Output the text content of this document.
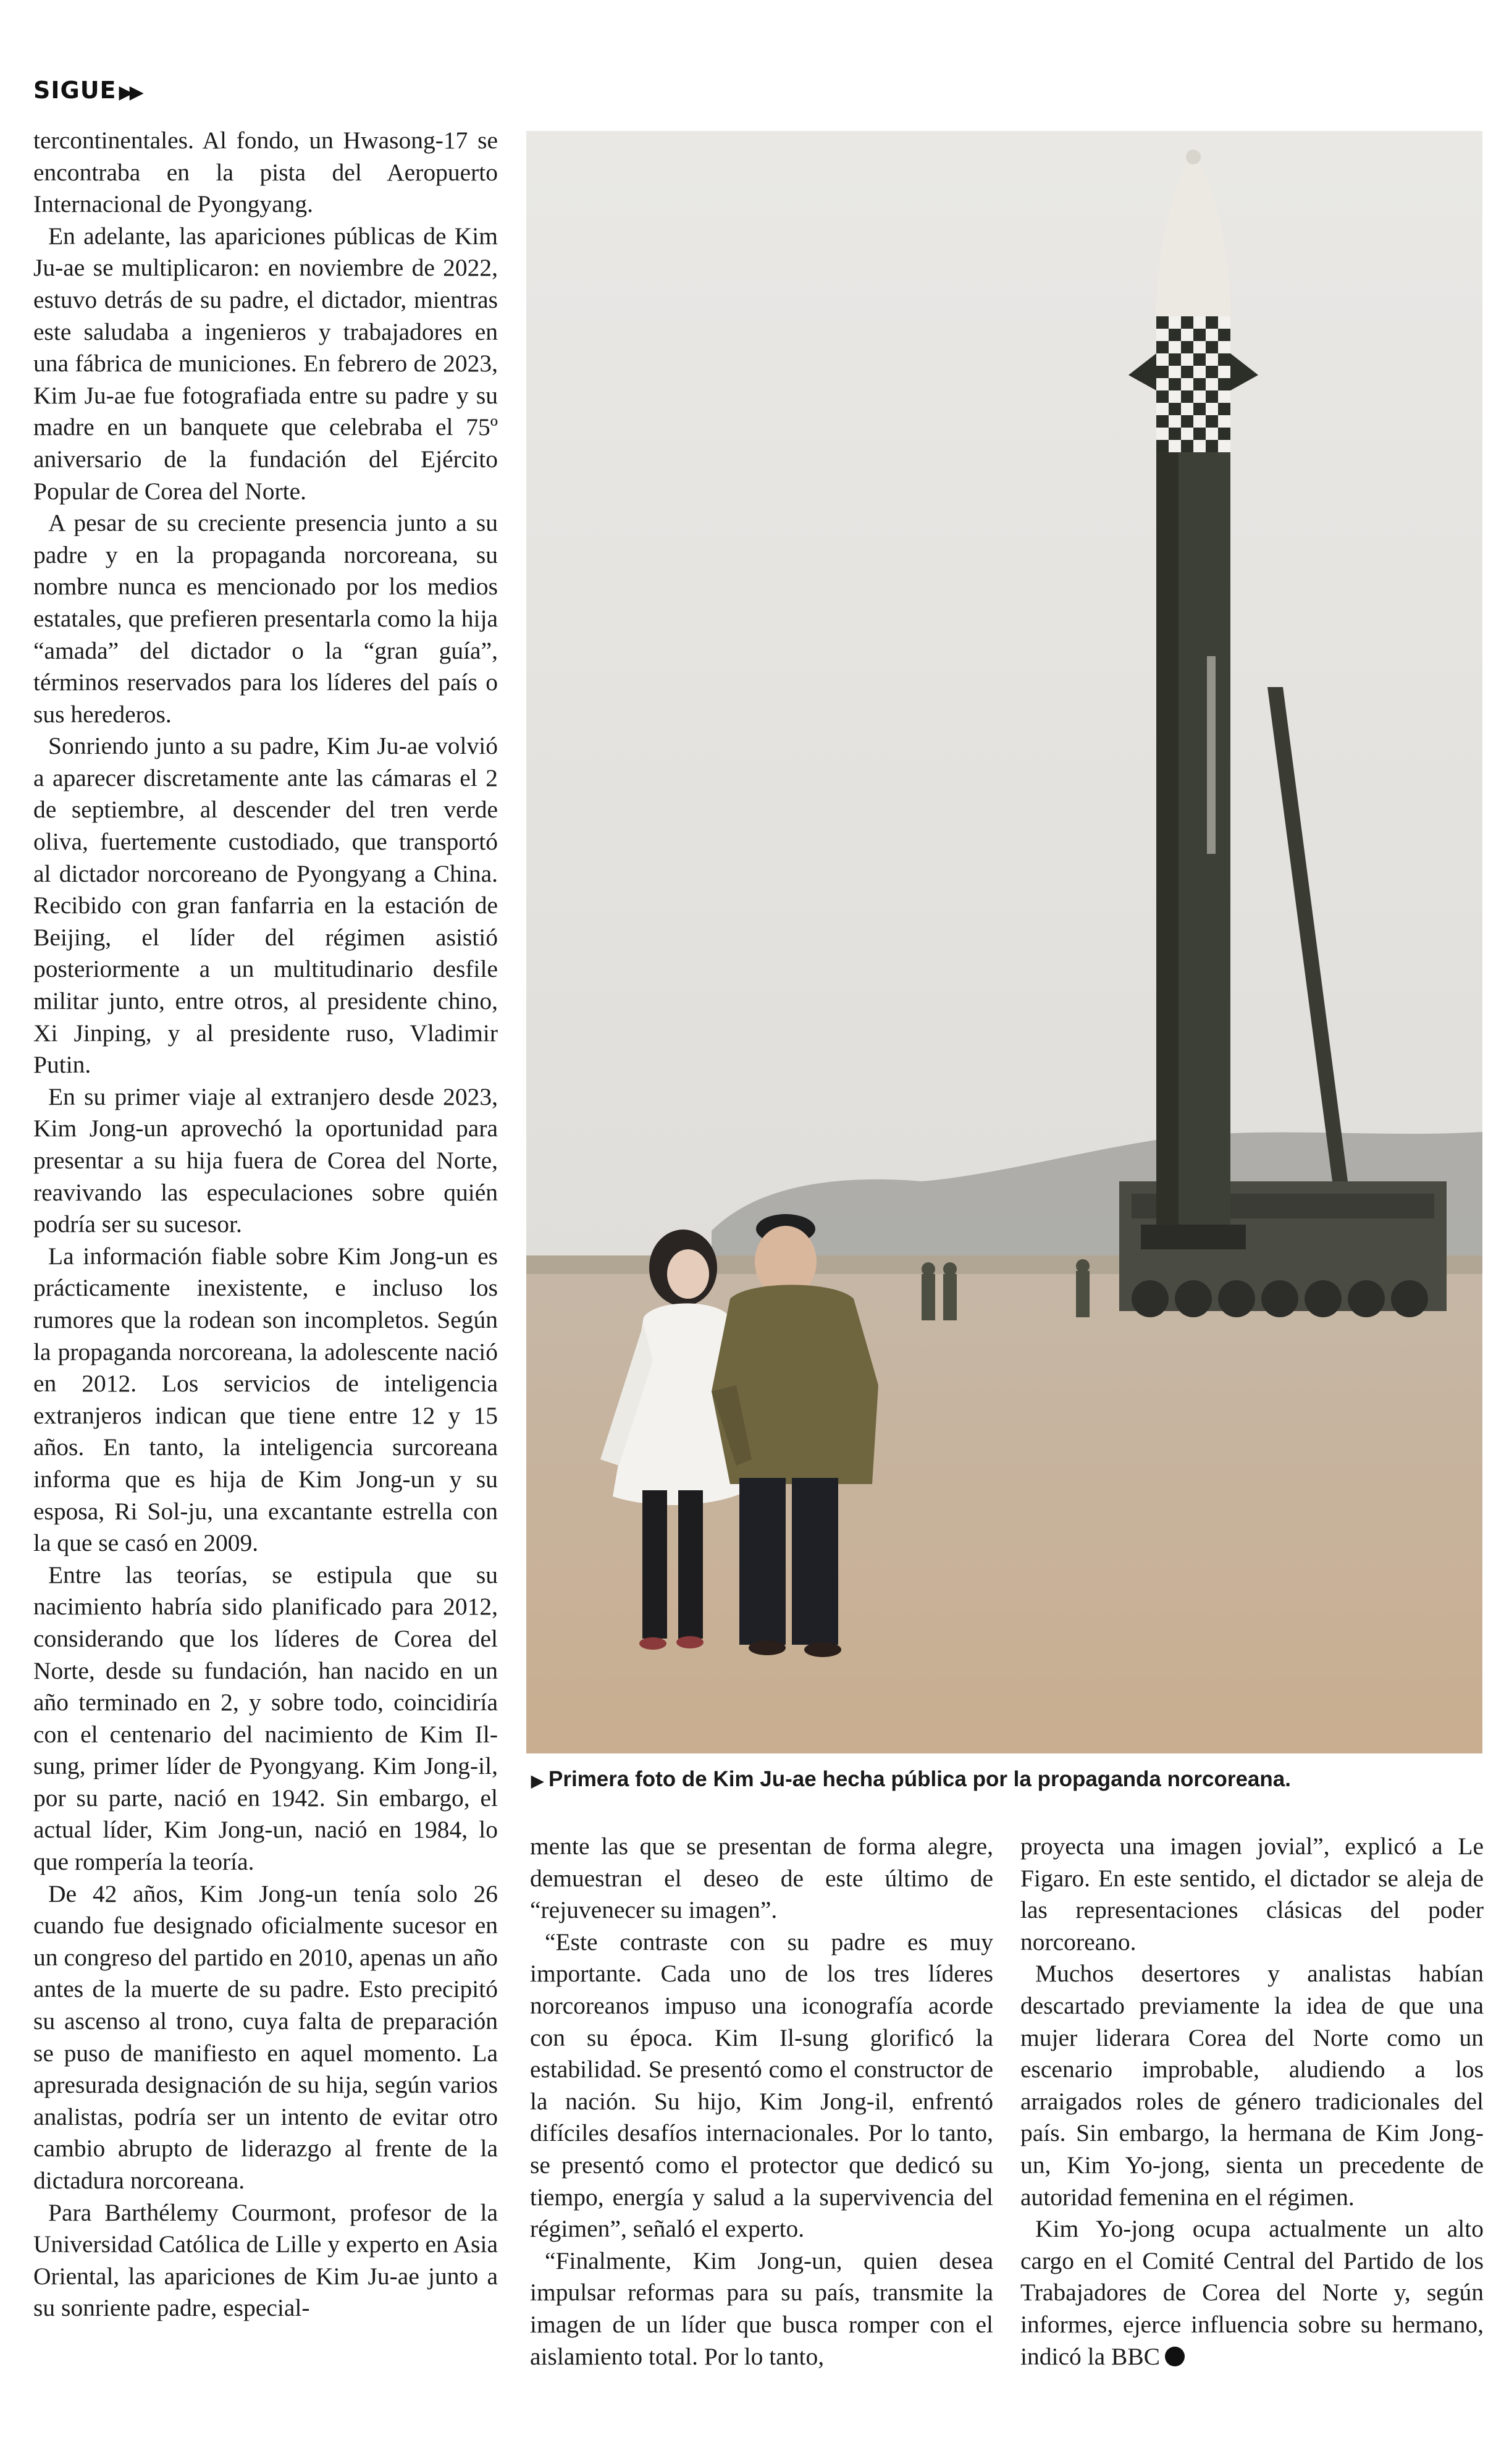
SIGUE ▶▶

tercontinentales. Al fondo, un Hwasong-17 se encontraba en la pista del Aeropuerto Internacional de Pyongyang.

En adelante, las apariciones públicas de Kim Ju-ae se multiplicaron: en noviembre de 2022, estuvo detrás de su padre, el dictador, mientras este saludaba a ingenieros y trabajadores en una fábrica de municiones. En febrero de 2023, Kim Ju-ae fue fotografiada entre su padre y su madre en un banquete que celebraba el 75º aniversario de la fundación del Ejército Popular de Corea del Norte.

A pesar de su creciente presencia junto a su padre y en la propaganda norcoreana, su nombre nunca es mencionado por los medios estatales, que prefieren presentarla como la hija “amada” del dictador o la “gran guía”, términos reservados para los líderes del país o sus herederos.

Sonriendo junto a su padre, Kim Ju-ae volvió a aparecer discretamente ante las cámaras el 2 de septiembre, al descender del tren verde oliva, fuertemente custodiado, que transportó al dictador norcoreano de Pyongyang a China. Recibido con gran fanfarria en la estación de Beijing, el líder del régimen asistió posteriormente a un multitudinario desfile militar junto, entre otros, al presidente chino, Xi Jinping, y al presidente ruso, Vladimir Putin.

En su primer viaje al extranjero desde 2023, Kim Jong-un aprovechó la oportunidad para presentar a su hija fuera de Corea del Norte, reavivando las especulaciones sobre quién podría ser su sucesor.

La información fiable sobre Kim Jong-un es prácticamente inexistente, e incluso los rumores que la rodean son incompletos. Según la propaganda norcoreana, la adolescente nació en 2012. Los servicios de inteligencia extranjeros indican que tiene entre 12 y 15 años. En tanto, la inteligencia surcoreana informa que es hija de Kim Jong-un y su esposa, Ri Sol-ju, una excantante estrella con la que se casó en 2009.

Entre las teorías, se estipula que su nacimiento habría sido planificado para 2012, considerando que los líderes de Corea del Norte, desde su fundación, han nacido en un año terminado en 2, y sobre todo, coincidiría con el centenario del nacimiento de Kim Il-sung, primer líder de Pyongyang. Kim Jong-il, por su parte, nació en 1942. Sin embargo, el actual líder, Kim Jong-un, nació en 1984, lo que rompería la teoría.

De 42 años, Kim Jong-un tenía solo 26 cuando fue designado oficialmente sucesor en un congreso del partido en 2010, apenas un año antes de la muerte de su padre. Esto precipitó su ascenso al trono, cuya falta de preparación se puso de manifiesto en aquel momento. La apresurada designación de su hija, según varios analistas, podría ser un intento de evitar otro cambio abrupto de liderazgo al frente de la dictadura norcoreana.

Para Barthélemy Courmont, profesor de la Universidad Católica de Lille y experto en Asia Oriental, las apariciones de Kim Ju-ae junto a su sonriente padre, especial-

▶ Primera foto de Kim Ju-ae hecha pública por la propaganda norcoreana.

mente las que se presentan de forma alegre, demuestran el deseo de este último de “rejuvenecer su imagen”.

“Este contraste con su padre es muy importante. Cada uno de los tres líderes norcoreanos impuso una iconografía acorde con su época. Kim Il-sung glorificó la estabilidad. Se presentó como el constructor de la nación. Su hijo, Kim Jong-il, enfrentó difíciles desafíos internacionales. Por lo tanto, se presentó como el protector que dedicó su tiempo, energía y salud a la supervivencia del régimen”, señaló el experto.

“Finalmente, Kim Jong-un, quien desea impulsar reformas para su país, transmite la imagen de un líder que busca romper con el aislamiento total. Por lo tanto,

proyecta una imagen jovial”, explicó a Le Figaro. En este sentido, el dictador se aleja de las representaciones clásicas del poder norcoreano.

Muchos desertores y analistas habían descartado previamente la idea de que una mujer liderara Corea del Norte como un escenario improbable, aludiendo a los arraigados roles de género tradicionales del país. Sin embargo, la hermana de Kim Jong-un, Kim Yo-jong, sienta un precedente de autoridad femenina en el régimen.

Kim Yo-jong ocupa actualmente un alto cargo en el Comité Central del Partido de los Trabajadores de Corea del Norte y, según informes, ejerce influencia sobre su hermano, indicó la BBC
